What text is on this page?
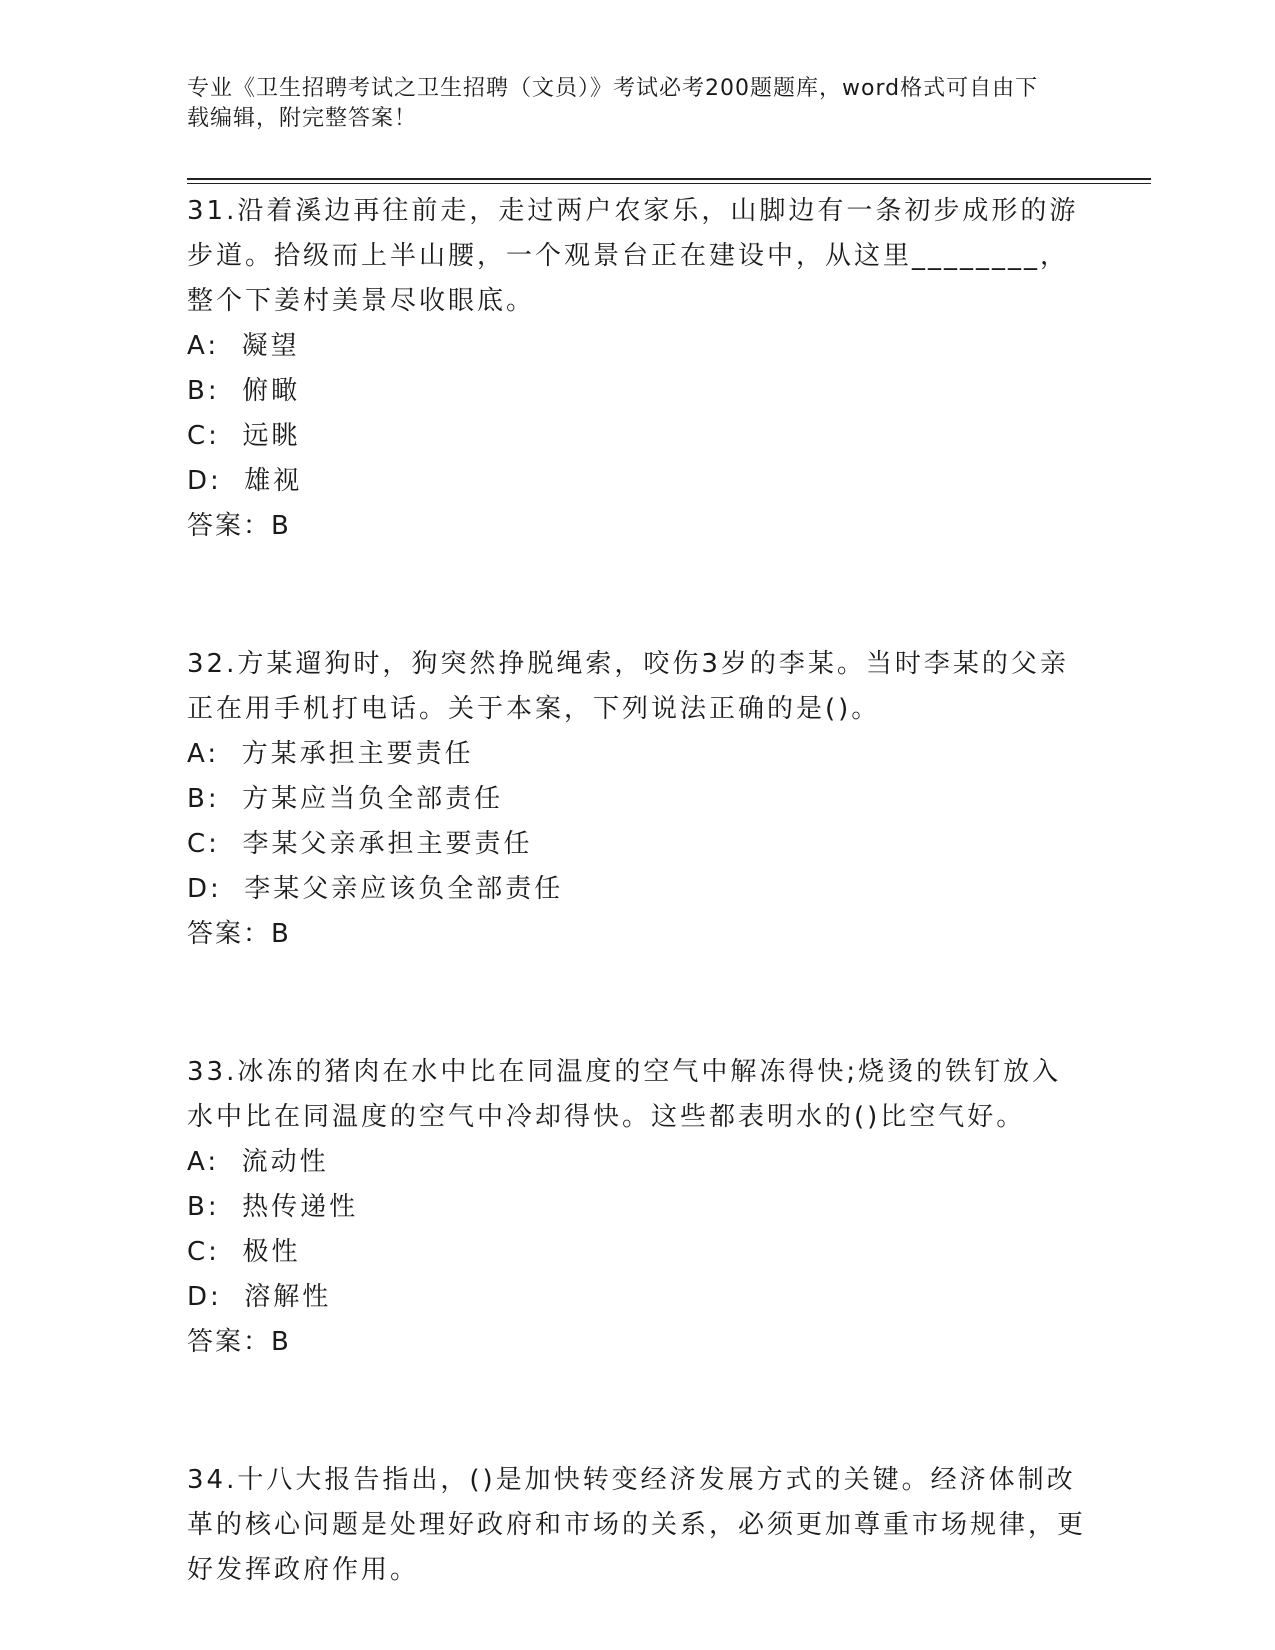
专业《卫生招聘考试之卫生招聘（文员）》考试必考200题题库，word格式可自由下载编辑，附完整答案！
31.沿着溪边再往前走，走过两户农家乐，山脚边有一条初步成形的游步道。拾级而上半山腰，一个观景台正在建设中，从这里________，整个下姜村美景尽收眼底。
A:  凝望
B:  俯瞰
C:  远眺
D:  雄视
答案：B
32.方某遛狗时，狗突然挣脱绳索，咬伤3岁的李某。当时李某的父亲正在用手机打电话。关于本案，下列说法正确的是()。
A:  方某承担主要责任
B:  方某应当负全部责任
C:  李某父亲承担主要责任
D:  李某父亲应该负全部责任
答案：B
33.冰冻的猪肉在水中比在同温度的空气中解冻得快;烧烫的铁钉放入水中比在同温度的空气中冷却得快。这些都表明水的()比空气好。
A:  流动性
B:  热传递性
C:  极性
D:  溶解性
答案：B
34.十八大报告指出，()是加快转变经济发展方式的关键。经济体制改革的核心问题是处理好政府和市场的关系，必须更加尊重市场规律，更好发挥政府作用。
